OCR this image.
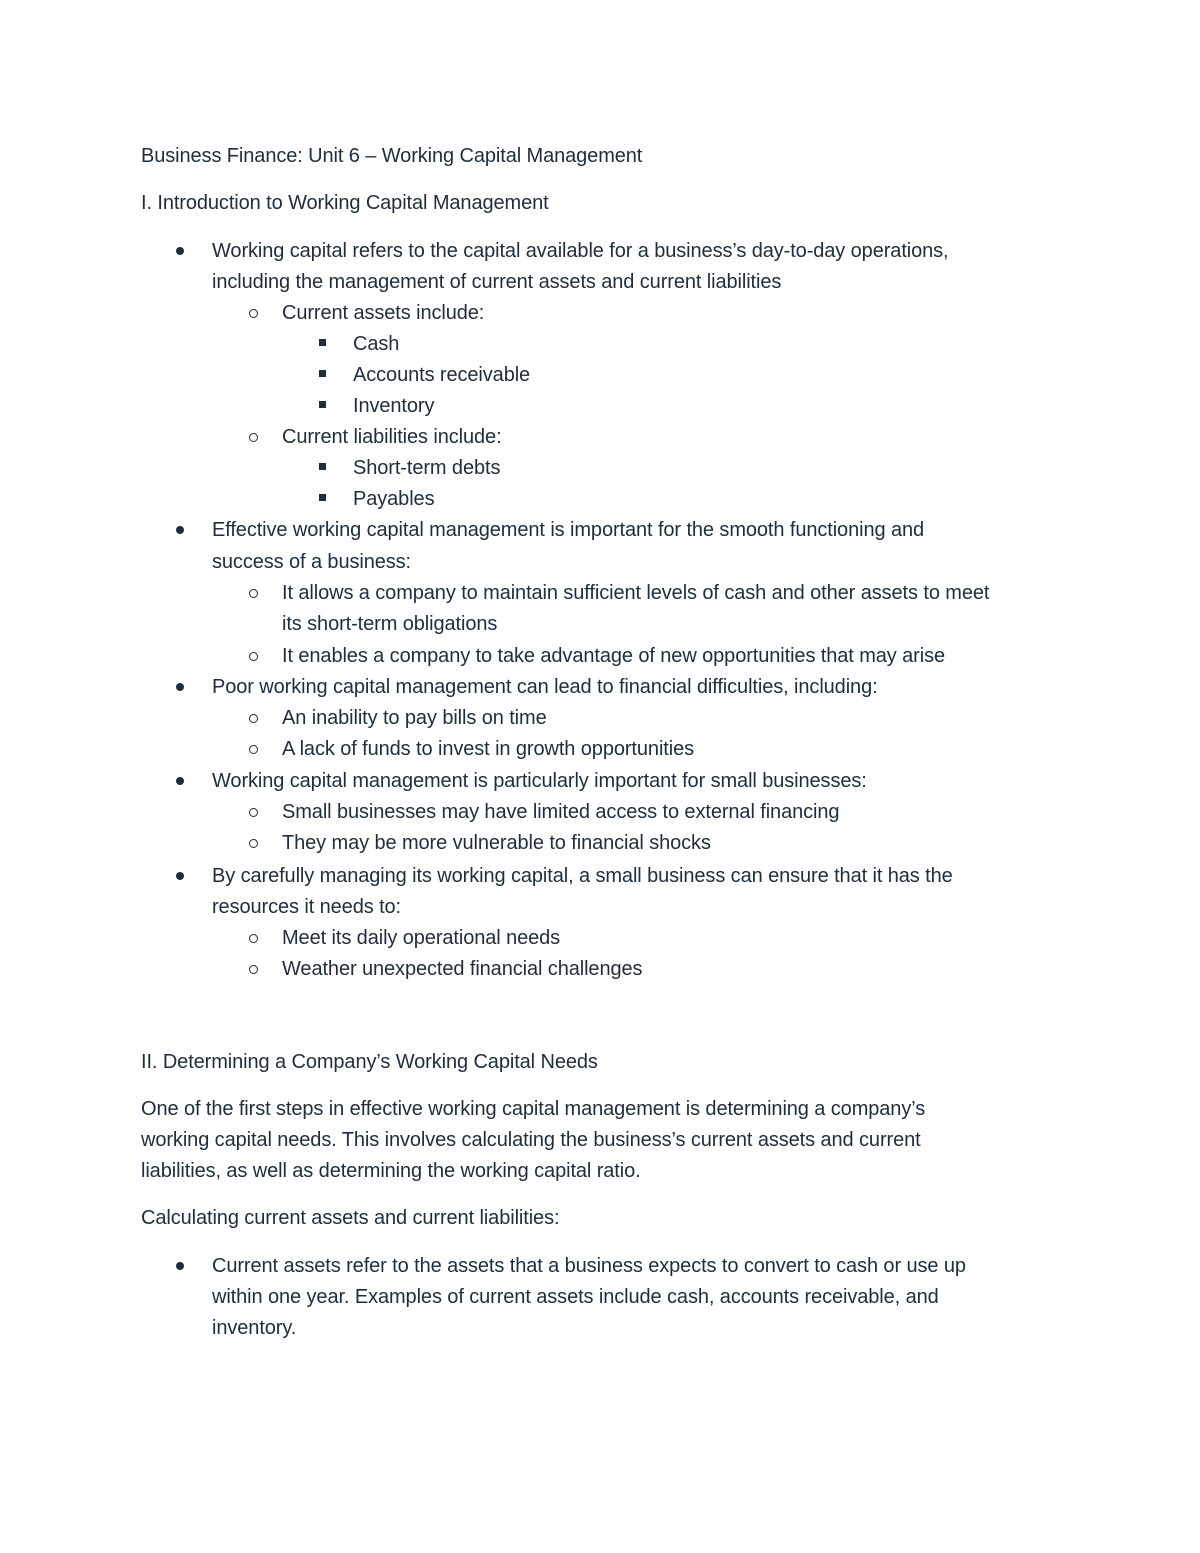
Business Finance: Unit 6 – Working Capital Management

I. Introduction to Working Capital Management

Working capital refers to the capital available for a business’s day-to-day operations,

including the management of current assets and current liabilities

Current assets include:

Cash

Accounts receivable

Inventory

Current liabilities include:

Short-term debts

Payables

Effective working capital management is important for the smooth functioning and

success of a business:

It allows a company to maintain sufficient levels of cash and other assets to meet

its short-term obligations

It enables a company to take advantage of new opportunities that may arise

Poor working capital management can lead to financial difficulties, including:

An inability to pay bills on time

A lack of funds to invest in growth opportunities

Working capital management is particularly important for small businesses:

Small businesses may have limited access to external financing

They may be more vulnerable to financial shocks

By carefully managing its working capital, a small business can ensure that it has the

resources it needs to:

Meet its daily operational needs

Weather unexpected financial challenges

II. Determining a Company’s Working Capital Needs

One of the first steps in effective working capital management is determining a company’s

working capital needs. This involves calculating the business’s current assets and current

liabilities, as well as determining the working capital ratio.

Calculating current assets and current liabilities:

Current assets refer to the assets that a business expects to convert to cash or use up

within one year. Examples of current assets include cash, accounts receivable, and

inventory.
